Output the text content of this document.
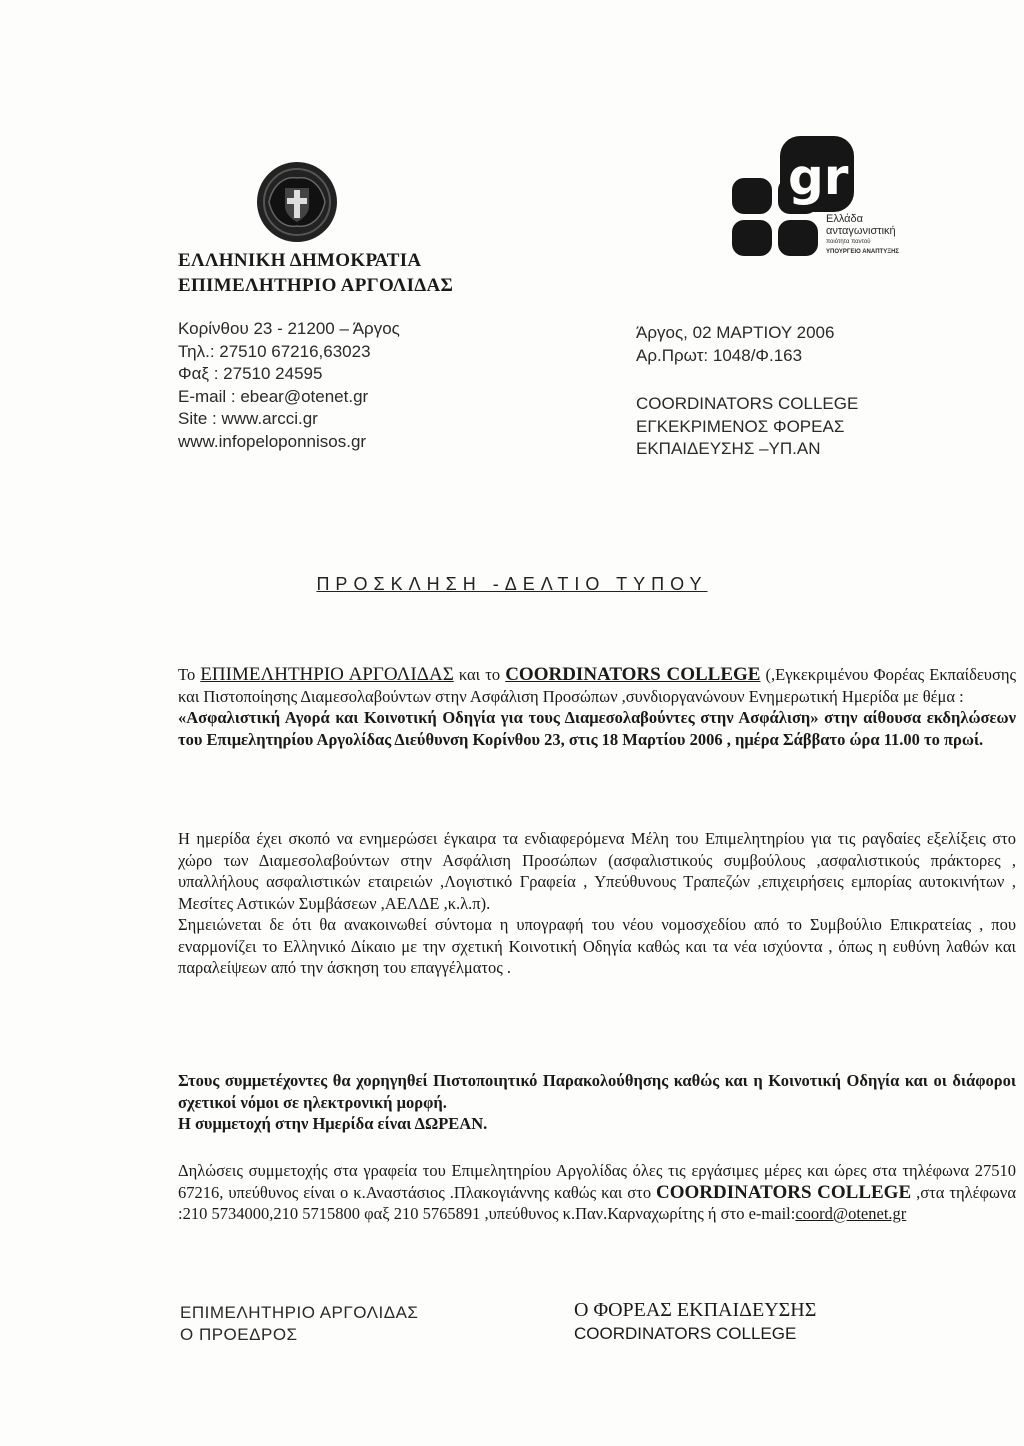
ΕΛΛΗΝΙΚΗ ΔΗΜΟΚΡΑΤΙΑ
ΕΠΙΜΕΛΗΤΗΡΙΟ ΑΡΓΟΛΙΔΑΣ
Κορίνθου 23 - 21200 – Άργος
Τηλ.: 27510 67216,63023
Φαξ : 27510 24595
E-mail : ebear@otenet.gr
Site : www.arcci.gr
www.infopeloponnisos.gr
gr
Ελλάδα
ανταγωνιστική
ποιότητα παντού
ΥΠΟΥΡΓΕΙΟ ΑΝΑΠΤΥΞΗΣ
Άργος, 02 ΜΑΡΤΙΟΥ 2006
Αρ.Πρωτ: 1048/Φ.163
COORDINATORS COLLEGE
ΕΓΚΕΚΡΙΜΕΝΟΣ ΦΟΡΕΑΣ
ΕΚΠΑΙΔΕΥΣΗΣ –ΥΠ.ΑΝ
ΠΡΟΣΚΛΗΣΗ -ΔΕΛΤΙΟ ΤΥΠΟΥ
Το ΕΠΙΜΕΛΗΤΗΡΙΟ ΑΡΓΟΛΙΔΑΣ και το COORDINATORS COLLEGE (,Εγκεκριμένου Φορέας Εκπαίδευσης και Πιστοποίησης Διαμεσολαβούντων στην Ασφάλιση Προσώπων ,συνδιοργανώνουν Ενημερωτική Ημερίδα με θέμα :
«Ασφαλιστική Αγορά και Κοινοτική Οδηγία για τους Διαμεσολαβούντες στην Ασφάλιση» στην αίθουσα εκδηλώσεων του Επιμελητηρίου Αργολίδας Διεύθυνση Κορίνθου 23, στις 18 Μαρτίου 2006 , ημέρα Σάββατο ώρα 11.00 το πρωί.
Η ημερίδα έχει σκοπό να ενημερώσει έγκαιρα τα ενδιαφερόμενα Μέλη του Επιμελητηρίου για τις ραγδαίες εξελίξεις στο χώρο των Διαμεσολαβούντων στην Ασφάλιση Προσώπων (ασφαλιστικούς συμβούλους ,ασφαλιστικούς πράκτορες , υπαλλήλους ασφαλιστικών εταιρειών ,Λογιστικό Γραφεία , Υπεύθυνους Τραπεζών ,επιχειρήσεις εμπορίας αυτοκινήτων , Μεσίτες Αστικών Συμβάσεων ,ΑΕΛΔΕ ,κ.λ.π).
Σημειώνεται δε ότι θα ανακοινωθεί σύντομα η υπογραφή του νέου νομοσχεδίου από το Συμβούλιο Επικρατείας , που εναρμονίζει το Ελληνικό Δίκαιο με την σχετική Κοινοτική Οδηγία καθώς και τα νέα ισχύοντα , όπως η ευθύνη λαθών και παραλείψεων από την άσκηση του επαγγέλματος .
Στους συμμετέχοντες θα χορηγηθεί Πιστοποιητικό Παρακολούθησης καθώς και η Κοινοτική Οδηγία και οι διάφοροι σχετικοί νόμοι σε ηλεκτρονική μορφή.
Η συμμετοχή στην Ημερίδα είναι ΔΩΡΕΑΝ.
Δηλώσεις συμμετοχής στα γραφεία του Επιμελητηρίου Αργολίδας όλες τις εργάσιμες μέρες και ώρες στα τηλέφωνα 27510 67216, υπεύθυνος είναι ο κ.Αναστάσιος .Πλακογιάννης καθώς και στο COORDINATORS COLLEGE ,στα τηλέφωνα :210 5734000,210 5715800 φαξ 210 5765891 ,υπεύθυνος κ.Παν.Καρναχωρίτης ή στο e-mail:coord@otenet.gr
ΕΠΙΜΕΛΗΤΗΡΙΟ ΑΡΓΟΛΙΔΑΣ
Ο ΠΡΟΕΔΡΟΣ
Ο ΦΟΡΕΑΣ ΕΚΠΑΙΔΕΥΣΗΣ
COORDINATORS COLLEGE
